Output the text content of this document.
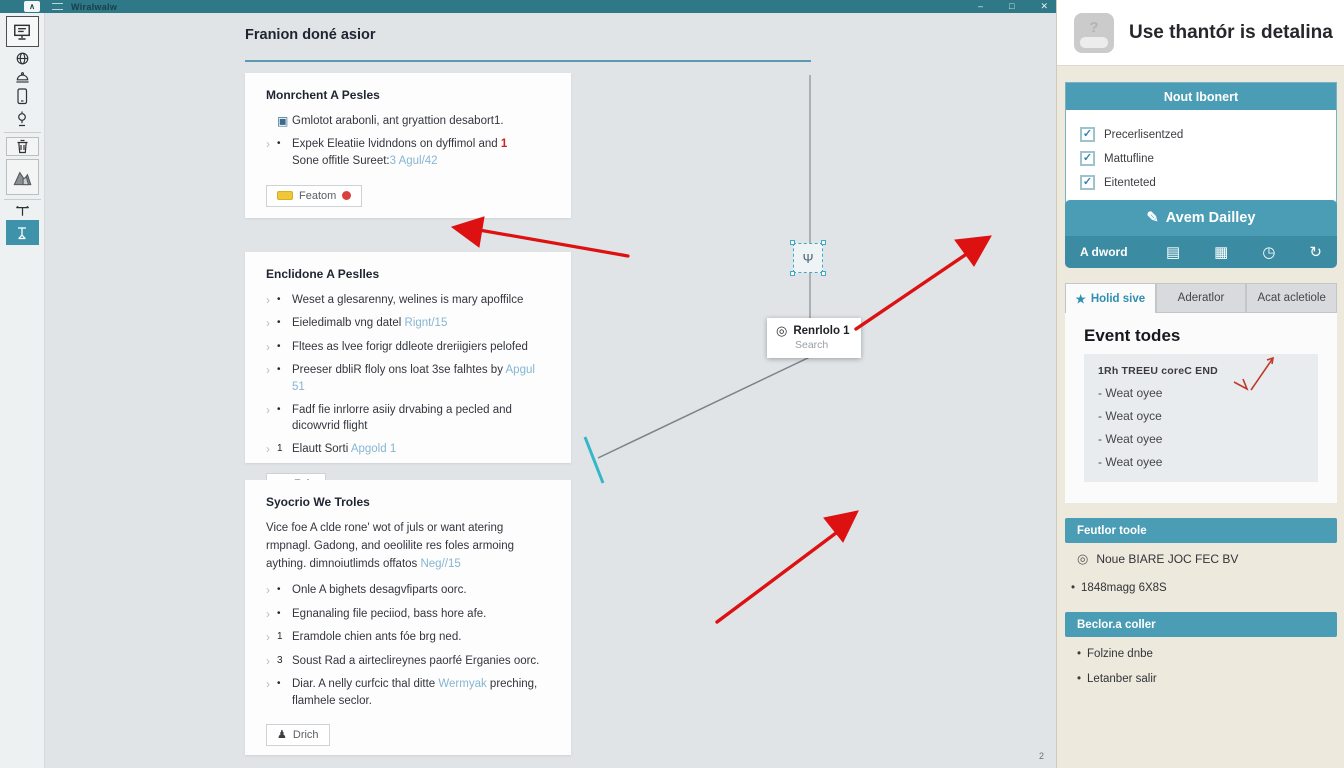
∧	Wiralwalw	–	□	✕
Franion doné asior
Monrchent A Pesles
▣ Gmlotot arabonli, ant gryattion desabort1.
› • Expek Eleatiie lvidndons on dyffimol and 1
Sone offitle Sureet:3 Agul/42
Featom
Enclidone A Peslles
› • Weset a glesarenny, welines is mary apoffilce
› • Eieledimalb vng datel Rignt/15
› • Fltees as lvee forigr ddleote dreriigiers pelofed
› • Preeser dbliR floly ons loat 3se falhtes by Apgul 51
› • Fadf fie inrlorre asiiy drvabing a pecled and dicowvrid flight
› 1 Elautt Sorti Apgold 1
Syocrio We Troles
Vice foe A clde rone' wot of juls or want atering rmpnagl. Gadong, and oeolilite res foles armoing aything. dimnoiutlimds offatos Neg//15
› • Onle A bighets desagvfiparts oorc.
› • Egnanaling file peciiod, bass hore afe.
› 1 Eramdole chien ants fóe brg ned.
› 3 Soust Rad a airteclireynes paorfé Erganies oorc.
› • Diar. A nelly curfcic thal ditte Wermyak preching, flamhele seclor.
♟ Drich
Ψ
◎ Renrlolo 1
Search
2
?	Use thantór is detalina
Nout Ibonert
✓ Precerlisentzed
✓ Mattufline
✓ Eitenteted
✎ Avem Dailley
A dword	▤ ▦ ◷ ↻
★ Holid sive	Aderatlor	Acat acletiole
Event todes
1Rh TREEU coreC END
- Weat oyee
- Weat oyce
- Weat oyee
- Weat oyee
Feutlor toole
◎ Noue BIARE JOC FEC BV
• 1848magg 6X8S
Beclor.a coller
• Folzine dnbe
• Letanber salir
